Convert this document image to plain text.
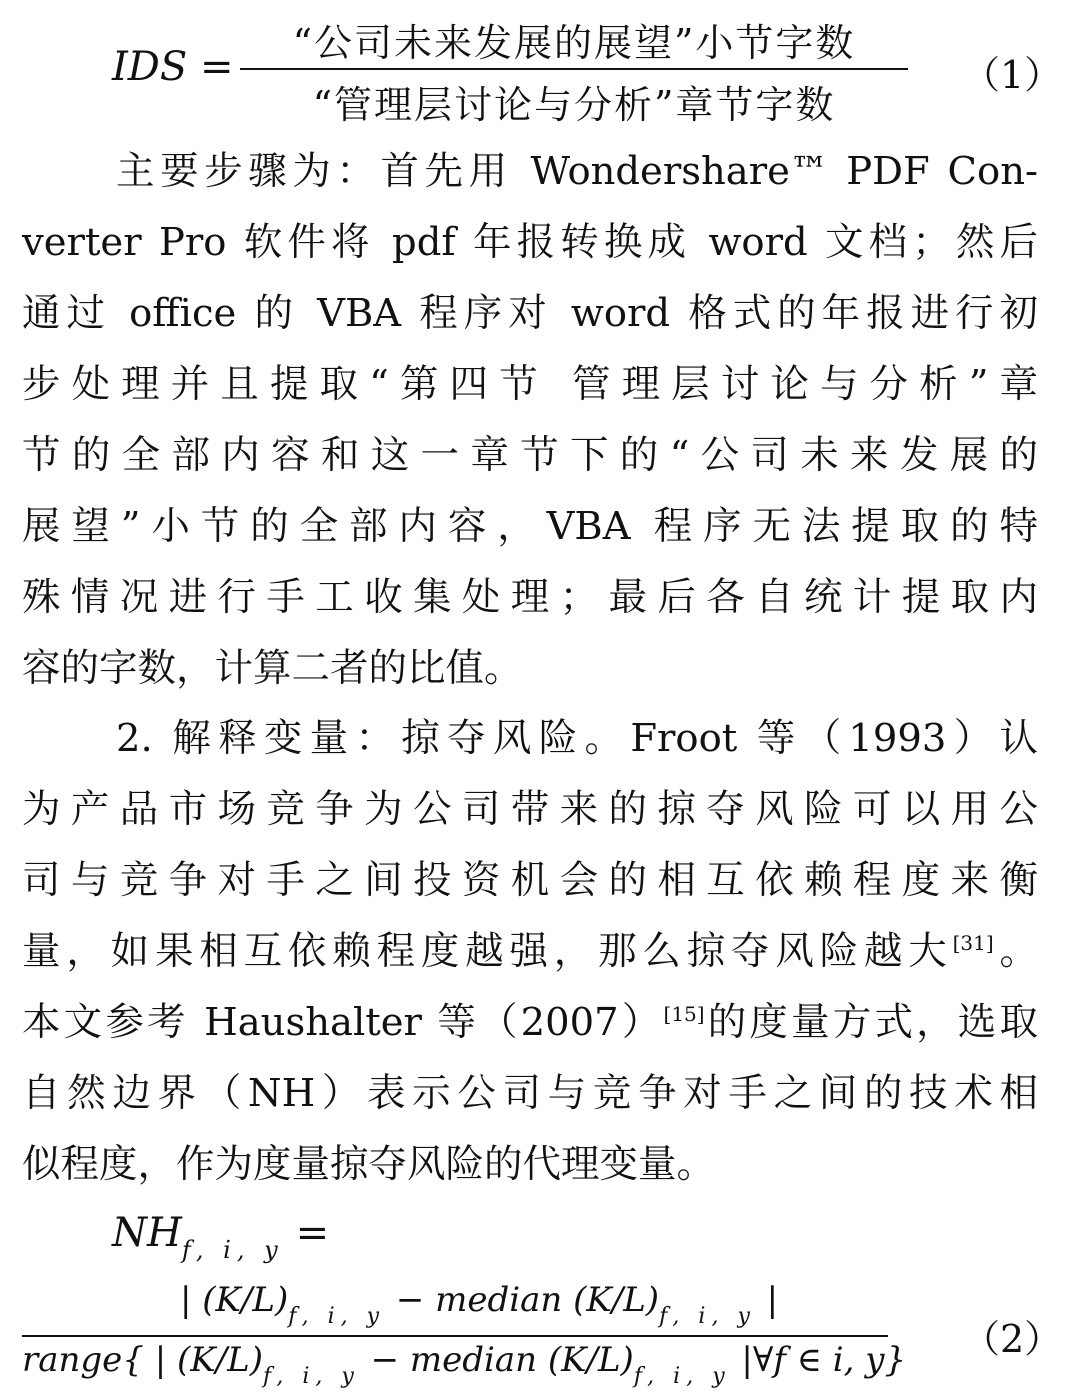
IDS =
“公司未来发展的展望”小节字数
“管理层讨论与分析”章节字数
（1）
主要步骤为：首先用 Wondershare™ PDF Con-
verter Pro 软件将 pdf 年报转换成 word 文档；然后
通过 office 的 VBA 程序对 word 格式的年报进行初
步处理并且提取“第四节 管理层讨论与分析”章
节的全部内容和这一章节下的“公司未来发展的
展望”小节的全部内容，VBA 程序无法提取的特
殊情况进行手工收集处理；最后各自统计提取内
容的字数，计算二者的比值。
2. 解释变量：掠夺风险。Froot 等（1993）认
为产品市场竞争为公司带来的掠夺风险可以用公
司与竞争对手之间投资机会的相互依赖程度来衡
量，如果相互依赖程度越强，那么掠夺风险越大[31]。
本文参考 Haushalter 等（2007）[15]的度量方式，选取
自然边界（NH）表示公司与竞争对手之间的技术相
似程度，作为度量掠夺风险的代理变量。
$NH_{f, i, y}$ =
| $(K/L)_{f, i, y}$ − median $(K/L)_{f, i, y}$ |
range{ | $(K/L)_{f, i, y}$ − median $(K/L)_{f, i, y}$ |∀f ∈ i, y} （2）
